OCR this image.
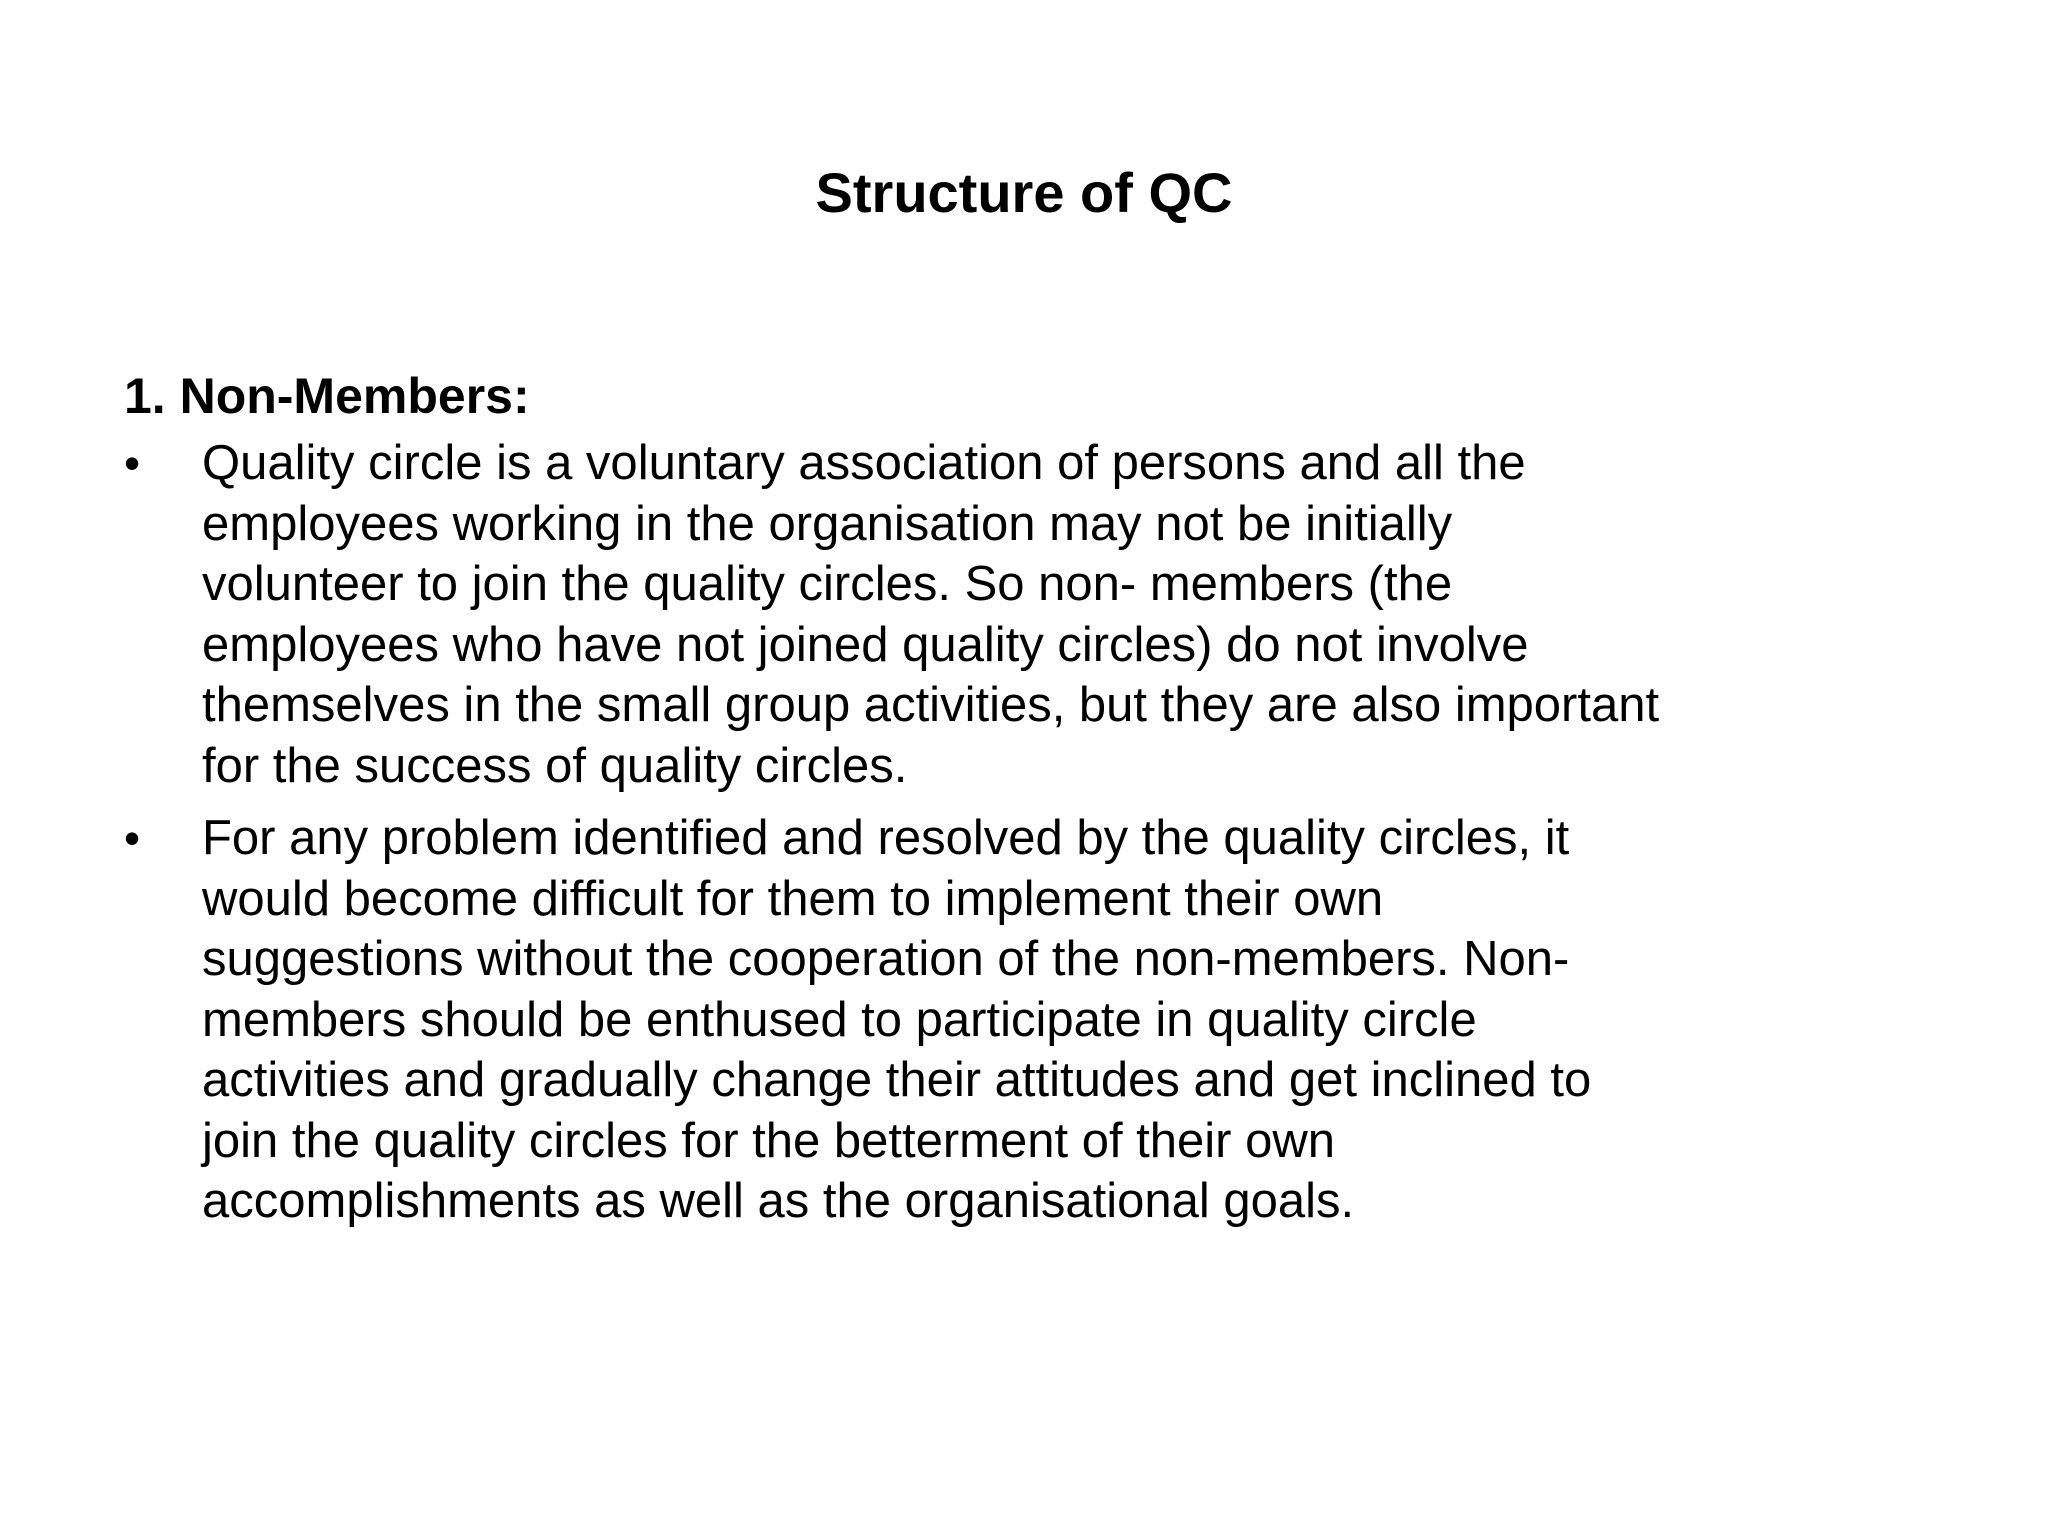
Structure of QC
1. Non-Members:
•	Quality circle is a voluntary association of persons and all the
employees working in the organisation may not be initially
volunteer to join the quality circles. So non- members (the
employees who have not joined quality circles) do not involve
themselves in the small group activities, but they are also important
for the success of quality circles.
•	For any problem identified and resolved by the quality circles, it
would become difficult for them to implement their own
suggestions without the cooperation of the non-members. Non-
members should be enthused to participate in quality circle
activities and gradually change their attitudes and get inclined to
join the quality circles for the betterment of their own
accomplishments as well as the organisational goals.
